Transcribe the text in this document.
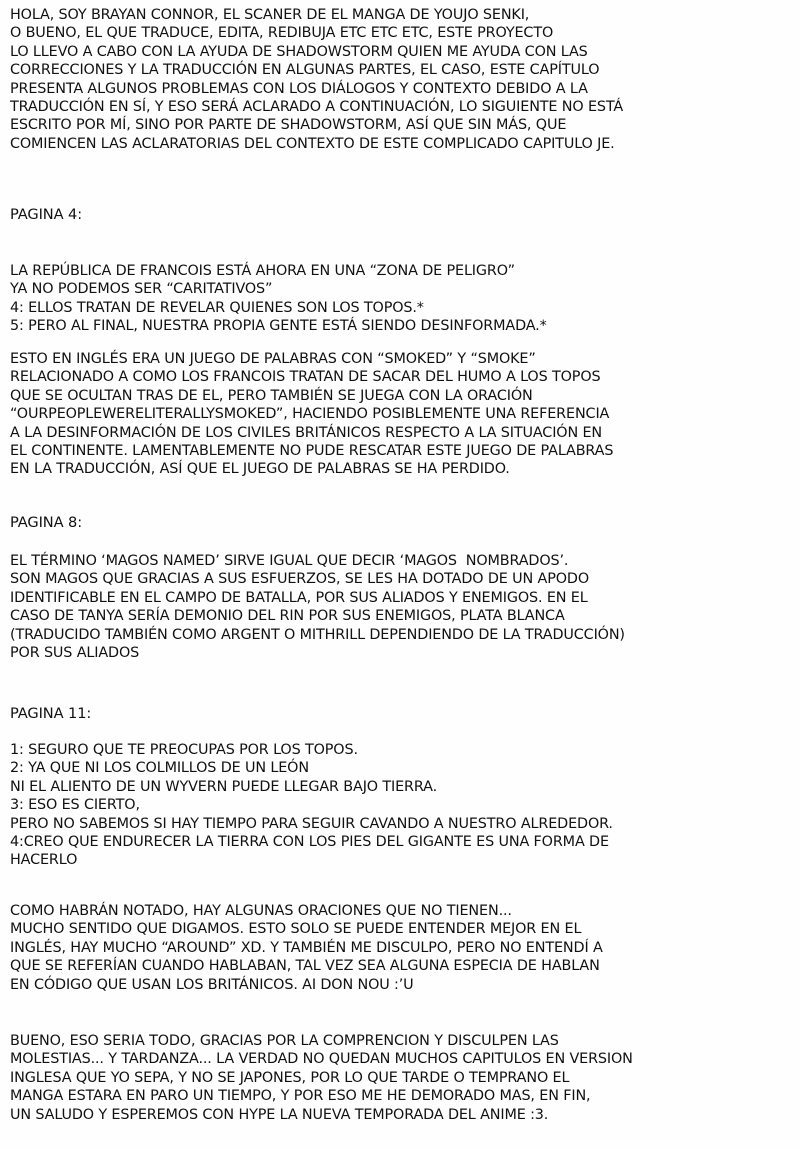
HOLA, SOY BRAYAN CONNOR, EL SCANER DE EL MANGA DE YOUJO SENKI,
O BUENO, EL QUE TRADUCE, EDITA, REDIBUJA ETC ETC ETC, ESTE PROYECTO
LO LLEVO A CABO CON LA AYUDA DE SHADOWSTORM QUIEN ME AYUDA CON LAS
CORRECCIONES Y LA TRADUCCIÓN EN ALGUNAS PARTES, EL CASO, ESTE CAPÍTULO
PRESENTA ALGUNOS PROBLEMAS CON LOS DIÁLOGOS Y CONTEXTO DEBIDO A LA
TRADUCCIÓN EN SÍ, Y ESO SERÁ ACLARADO A CONTINUACIÓN, LO SIGUIENTE NO ESTÁ
ESCRITO POR MÍ, SINO POR PARTE DE SHADOWSTORM, ASÍ QUE SIN MÁS, QUE
COMIENCEN LAS ACLARATORIAS DEL CONTEXTO DE ESTE COMPLICADO CAPITULO JE.
PAGINA 4:
LA REPÚBLICA DE FRANCOIS ESTÁ AHORA EN UNA “ZONA DE PELIGRO”
YA NO PODEMOS SER “CARITATIVOS”
4: ELLOS TRATAN DE REVELAR QUIENES SON LOS TOPOS.*
5: PERO AL FINAL, NUESTRA PROPIA GENTE ESTÁ SIENDO DESINFORMADA.*
ESTO EN INGLÉS ERA UN JUEGO DE PALABRAS CON “SMOKED” Y “SMOKE”
RELACIONADO A COMO LOS FRANCOIS TRATAN DE SACAR DEL HUMO A LOS TOPOS
QUE SE OCULTAN TRAS DE EL, PERO TAMBIÉN SE JUEGA CON LA ORACIÓN
“OURPEOPLEWERELITERALLYSMOKED”, HACIENDO POSIBLEMENTE UNA REFERENCIA
A LA DESINFORMACIÓN DE LOS CIVILES BRITÁNICOS RESPECTO A LA SITUACIÓN EN
EL CONTINENTE. LAMENTABLEMENTE NO PUDE RESCATAR ESTE JUEGO DE PALABRAS
EN LA TRADUCCIÓN, ASÍ QUE EL JUEGO DE PALABRAS SE HA PERDIDO.
PAGINA 8:
EL TÉRMINO ‘MAGOS NAMED’ SIRVE IGUAL QUE DECIR ‘MAGOS  NOMBRADOS’.
SON MAGOS QUE GRACIAS A SUS ESFUERZOS, SE LES HA DOTADO DE UN APODO
IDENTIFICABLE EN EL CAMPO DE BATALLA, POR SUS ALIADOS Y ENEMIGOS. EN EL
CASO DE TANYA SERÍA DEMONIO DEL RIN POR SUS ENEMIGOS, PLATA BLANCA
(TRADUCIDO TAMBIÉN COMO ARGENT O MITHRILL DEPENDIENDO DE LA TRADUCCIÓN)
POR SUS ALIADOS
PAGINA 11:
1: SEGURO QUE TE PREOCUPAS POR LOS TOPOS.
2: YA QUE NI LOS COLMILLOS DE UN LEÓN
NI EL ALIENTO DE UN WYVERN PUEDE LLEGAR BAJO TIERRA.
3: ESO ES CIERTO,
PERO NO SABEMOS SI HAY TIEMPO PARA SEGUIR CAVANDO A NUESTRO ALREDEDOR.
4:CREO QUE ENDURECER LA TIERRA CON LOS PIES DEL GIGANTE ES UNA FORMA DE
HACERLO
COMO HABRÁN NOTADO, HAY ALGUNAS ORACIONES QUE NO TIENEN...
MUCHO SENTIDO QUE DIGAMOS. ESTO SOLO SE PUEDE ENTENDER MEJOR EN EL
INGLÉS, HAY MUCHO “AROUND” XD. Y TAMBIÉN ME DISCULPO, PERO NO ENTENDÍ A
QUE SE REFERÍAN CUANDO HABLABAN, TAL VEZ SEA ALGUNA ESPECIA DE HABLAN
EN CÓDIGO QUE USAN LOS BRITÁNICOS. AI DON NOU :’U
BUENO, ESO SERIA TODO, GRACIAS POR LA COMPRENCION Y DISCULPEN LAS
MOLESTIAS... Y TARDANZA... LA VERDAD NO QUEDAN MUCHOS CAPITULOS EN VERSION
INGLESA QUE YO SEPA, Y NO SE JAPONES, POR LO QUE TARDE O TEMPRANO EL
MANGA ESTARA EN PARO UN TIEMPO, Y POR ESO ME HE DEMORADO MAS, EN FIN,
UN SALUDO Y ESPEREMOS CON HYPE LA NUEVA TEMPORADA DEL ANIME :3.
